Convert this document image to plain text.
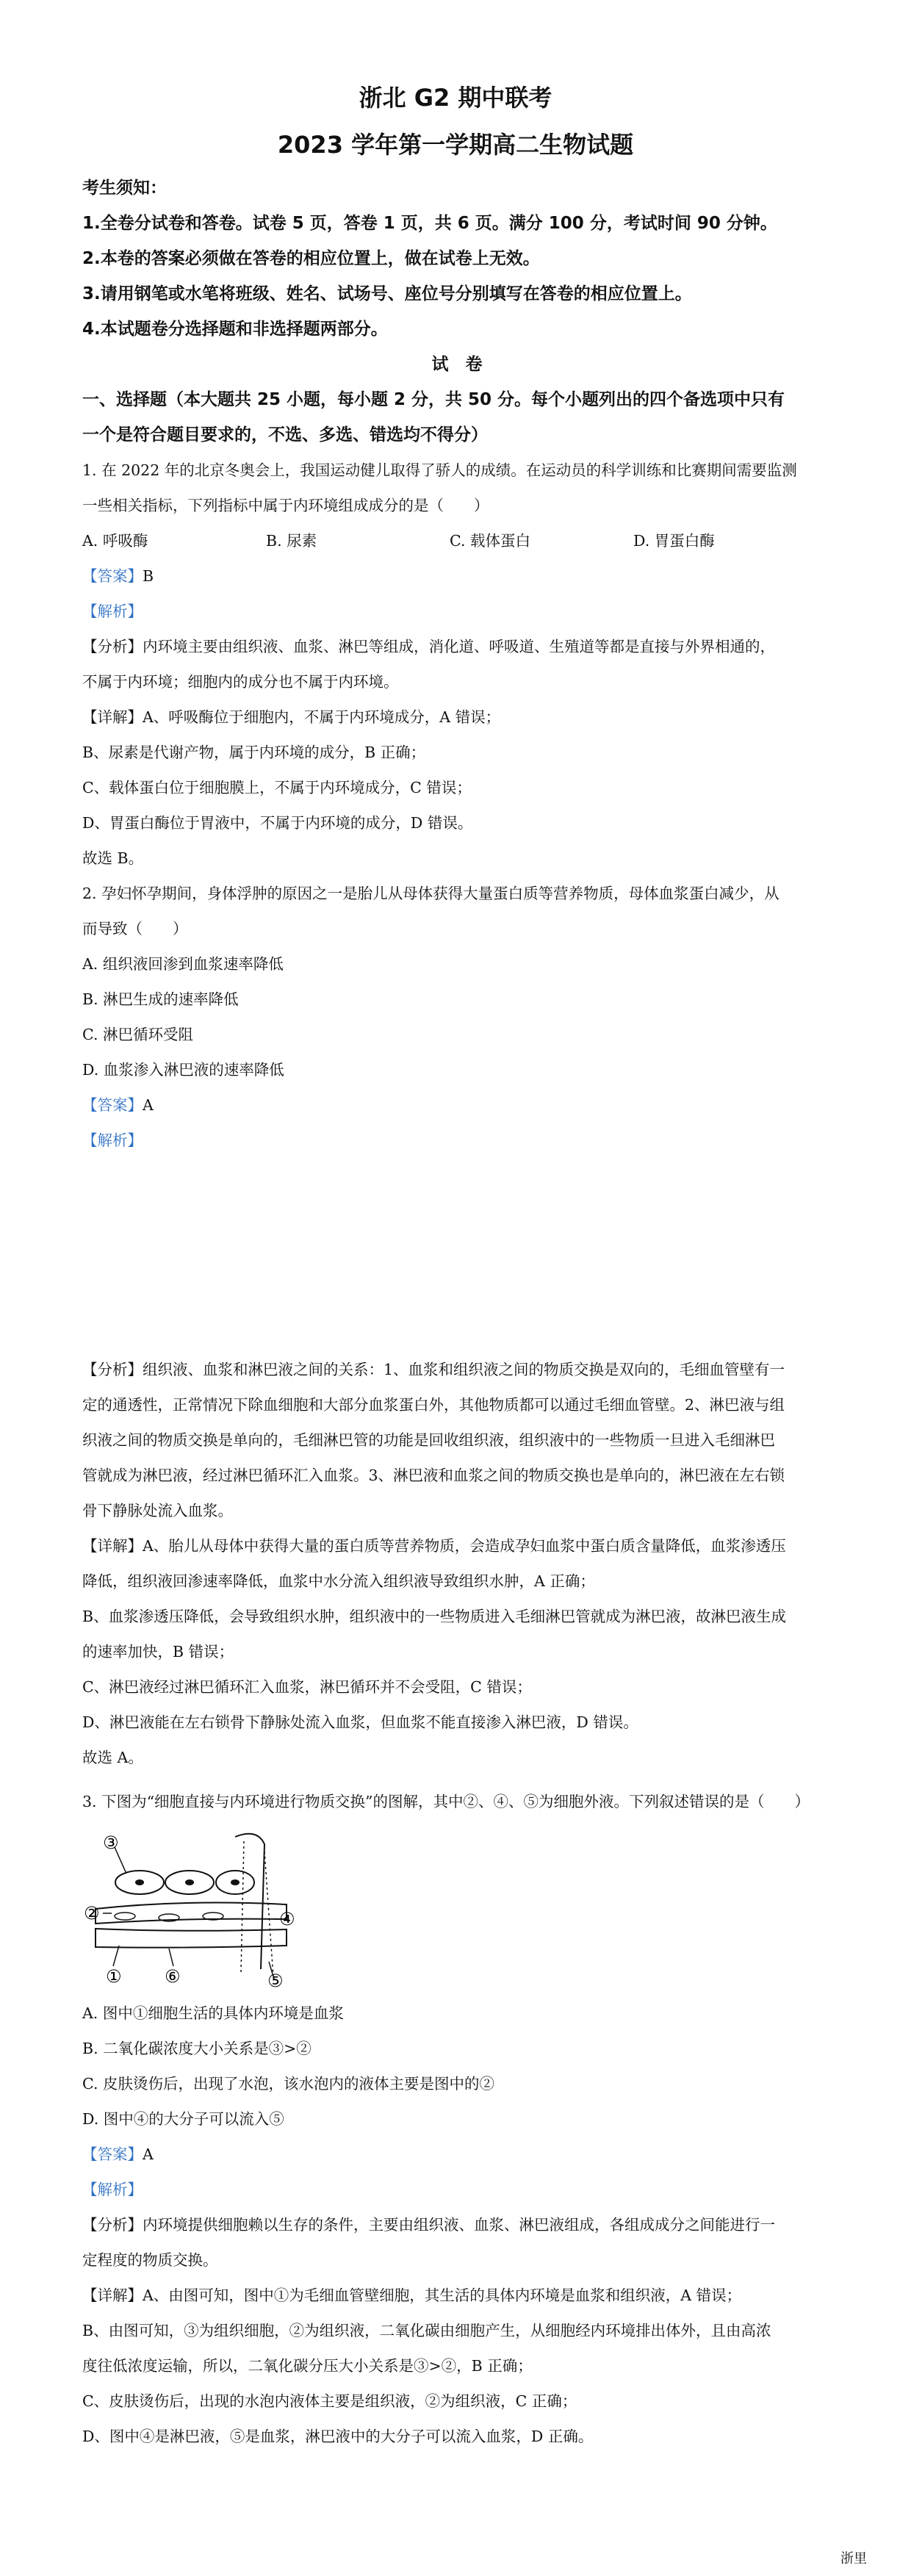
浙北 G2 期中联考
2023 学年第一学期高二生物试题
考生须知：
1.全卷分试卷和答卷。试卷 5 页，答卷 1 页，共 6 页。满分 100 分，考试时间 90 分钟。
2.本卷的答案必须做在答卷的相应位置上，做在试卷上无效。
3.请用钢笔或水笔将班级、姓名、试场号、座位号分别填写在答卷的相应位置上。
4.本试题卷分选择题和非选择题两部分。
试　卷
一、选择题（本大题共 25 小题，每小题 2 分，共 50 分。每个小题列出的四个备选项中只有
一个是符合题目要求的，不选、多选、错选均不得分）
1. 在 2022 年的北京冬奥会上，我国运动健儿取得了骄人的成绩。在运动员的科学训练和比赛期间需要监测
一些相关指标，下列指标中属于内环境组成成分的是（　　）
A. 呼吸酶	B. 尿素	C. 载体蛋白	D. 胃蛋白酶
【答案】B
【解析】
【分析】内环境主要由组织液、血浆、淋巴等组成，消化道、呼吸道、生殖道等都是直接与外界相通的，
不属于内环境；细胞内的成分也不属于内环境。
【详解】A、呼吸酶位于细胞内，不属于内环境成分，A 错误；
B、尿素是代谢产物，属于内环境的成分，B 正确；
C、载体蛋白位于细胞膜上，不属于内环境成分，C 错误；
D、胃蛋白酶位于胃液中，不属于内环境的成分，D 错误。
故选 B。
2. 孕妇怀孕期间，身体浮肿的原因之一是胎儿从母体获得大量蛋白质等营养物质，母体血浆蛋白减少，从
而导致（　　）
A. 组织液回渗到血浆速率降低
B. 淋巴生成的速率降低
C. 淋巴循环受阻
D. 血浆渗入淋巴液的速率降低
【答案】A
【解析】
【分析】组织液、血浆和淋巴液之间的关系：1、血浆和组织液之间的物质交换是双向的，毛细血管壁有一
定的通透性，正常情况下除血细胞和大部分血浆蛋白外，其他物质都可以通过毛细血管壁。2、淋巴液与组
织液之间的物质交换是单向的，毛细淋巴管的功能是回收组织液，组织液中的一些物质一旦进入毛细淋巴
管就成为淋巴液，经过淋巴循环汇入血浆。3、淋巴液和血浆之间的物质交换也是单向的，淋巴液在左右锁
骨下静脉处流入血浆。
【详解】A、胎儿从母体中获得大量的蛋白质等营养物质，会造成孕妇血浆中蛋白质含量降低，血浆渗透压
降低，组织液回渗速率降低，血浆中水分流入组织液导致组织水肿，A 正确；
B、血浆渗透压降低，会导致组织水肿，组织液中的一些物质进入毛细淋巴管就成为淋巴液，故淋巴液生成
的速率加快，B 错误；
C、淋巴液经过淋巴循环汇入血浆，淋巴循环并不会受阻，C 错误；
D、淋巴液能在左右锁骨下静脉处流入血浆，但血浆不能直接渗入淋巴液，D 错误。
故选 A。
3. 下图为“细胞直接与内环境进行物质交换”的图解，其中②、④、⑤为细胞外液。下列叙述错误的是（　　）
③
②	④
① ⑥	⑤
A. 图中①细胞生活的具体内环境是血浆
B. 二氧化碳浓度大小关系是③>②
C. 皮肤烫伤后，出现了水泡，该水泡内的液体主要是图中的②
D. 图中④的大分子可以流入⑤
【答案】A
【解析】
【分析】内环境提供细胞赖以生存的条件，主要由组织液、血浆、淋巴液组成，各组成成分之间能进行一
定程度的物质交换。
【详解】A、由图可知，图中①为毛细血管壁细胞，其生活的具体内环境是血浆和组织液，A 错误；
B、由图可知，③为组织细胞，②为组织液，二氧化碳由细胞产生，从细胞经内环境排出体外，且由高浓
度往低浓度运输，所以，二氧化碳分压大小关系是③>②，B 正确；
C、皮肤烫伤后，出现的水泡内液体主要是组织液，②为组织液，C 正确；
D、图中④是淋巴液，⑤是血浆，淋巴液中的大分子可以流入血浆，D 正确。
浙里
